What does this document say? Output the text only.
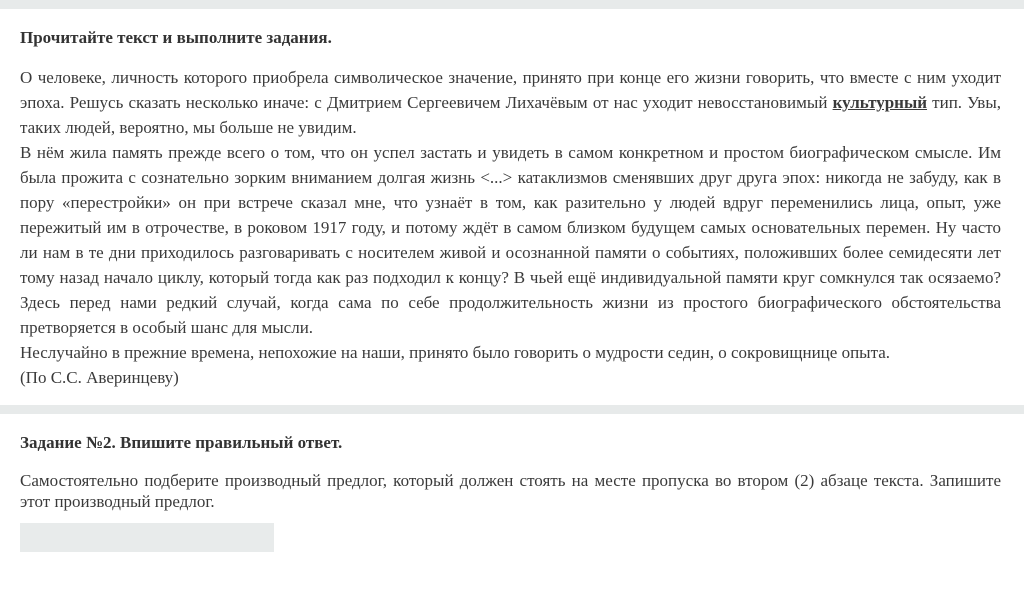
Прочитайте текст и выполните задания.

О человеке, личность которого приобрела символическое значение, принято при конце его жизни говорить, что вместе с ним уходит эпоха. Решусь сказать несколько иначе: с Дмитрием Сергеевичем Лихачёвым от нас уходит невосстановимый культурный тип. Увы, таких людей, вероятно, мы больше не увидим.

В нём жила память прежде всего о том, что он успел застать и увидеть в самом конкретном и простом биографическом смысле. Им была прожита с сознательно зорким вниманием долгая жизнь <...> катаклизмов сменявших друг друга эпох: никогда не забуду, как в пору «перестройки» он при встрече сказал мне, что узнаёт в том, как разительно у людей вдруг переменились лица, опыт, уже пережитый им в отрочестве, в роковом 1917 году, и потому ждёт в самом близком будущем самых основательных перемен. Ну часто ли нам в те дни приходилось разговаривать с носителем живой и осознанной памяти о событиях, положивших более семидесяти лет тому назад начало циклу, который тогда как раз подходил к концу? В чьей ещё индивидуальной памяти круг сомкнулся так осязаемо? Здесь перед нами редкий случай, когда сама по себе продолжительность жизни из простого биографического обстоятельства претворяется в особый шанс для мысли.

Неслучайно в прежние времена, непохожие на наши, принято было говорить о мудрости седин, о сокровищнице опыта.

(По С.С. Аверинцеву)

Задание №2. Впишите правильный ответ.

Самостоятельно подберите производный предлог, который должен стоять на месте пропуска во втором (2) абзаце текста. Запишите этот производный предлог.
